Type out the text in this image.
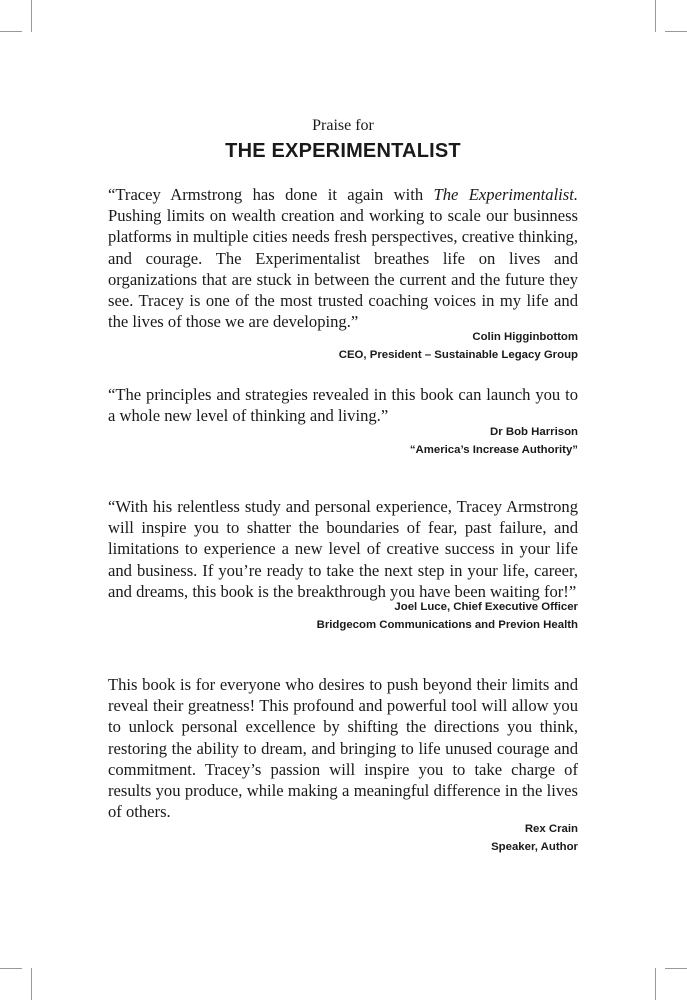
Praise for

THE EXPERIMENTALIST

“Tracey Armstrong has done it again with The Experimentalist. Pushing limits on wealth creation and working to scale our businness platforms in multiple cities needs fresh perspectives, creative thinking, and courage. The Experimentalist breathes life on lives and organizations that are stuck in between the current and the future they see. Tracey is one of the most trusted coaching voices in my life and the lives of those we are developing.”

Colin Higginbottom

CEO, President – Sustainable Legacy Group

“The principles and strategies revealed in this book can launch you to a whole new level of thinking and living.”

Dr Bob Harrison

“America’s Increase Authority”

“With his relentless study and personal experience, Tracey Armstrong will inspire you to shatter the boundaries of fear, past failure, and limitations to experience a new level of creative success in your life and business. If you’re ready to take the next step in your life, career, and dreams, this book is the breakthrough you have been waiting for!”

Joel Luce, Chief Executive Officer

Bridgecom Communications and Previon Health

This book is for everyone who desires to push beyond their limits and reveal their greatness! This profound and powerful tool will allow you to unlock personal excellence by shifting the directions you think, restoring the ability to dream, and bringing to life unused courage and commitment. Tracey’s passion will inspire you to take charge of results you produce, while making a meaningful difference in the lives of others.

Rex Crain

Speaker, Author
